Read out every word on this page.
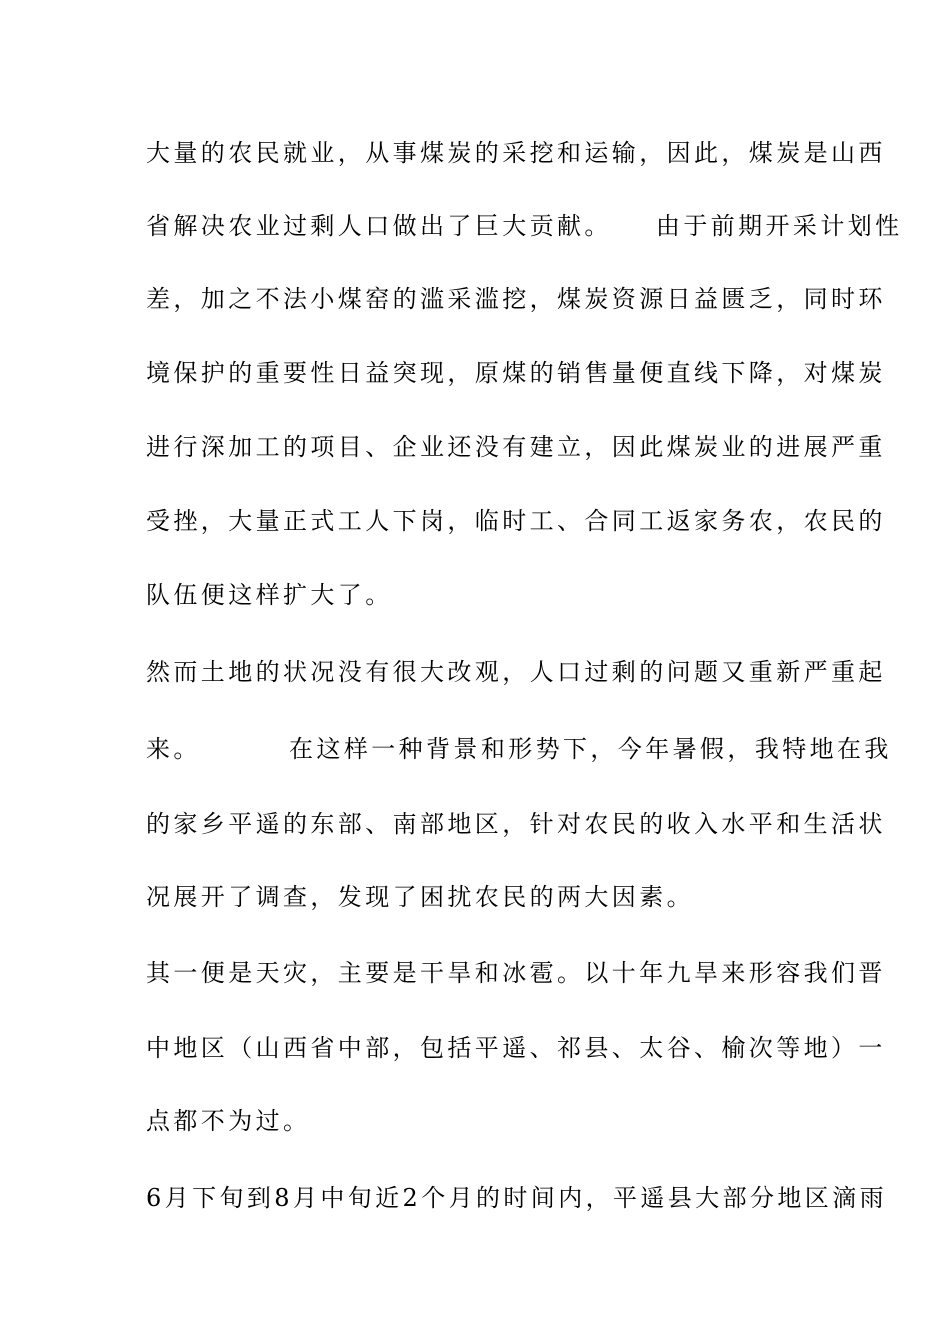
大量的农民就业，从事煤炭的采挖和运输，因此，煤炭是山西

省解决农业过剩人口做出了巨大贡献。    由于前期开采计划性

差，加之不法小煤窑的滥采滥挖，煤炭资源日益匮乏，同时环

境保护的重要性日益突现，原煤的销售量便直线下降，对煤炭

进行深加工的项目、企业还没有建立，因此煤炭业的进展严重

受挫，大量正式工人下岗，临时工、合同工返家务农，农民的

队伍便这样扩大了。

然而土地的状况没有很大改观，人口过剩的问题又重新严重起

来。        在这样一种背景和形势下，今年暑假，我特地在我

的家乡平遥的东部、南部地区，针对农民的收入水平和生活状

况展开了调查，发现了困扰农民的两大因素。

其一便是天灾，主要是干旱和冰雹。以十年九旱来形容我们晋

中地区（山西省中部，包括平遥、祁县、太谷、榆次等地）一

点都不为过。

6月下旬到8月中旬近2个月的时间内，平遥县大部分地区滴雨
